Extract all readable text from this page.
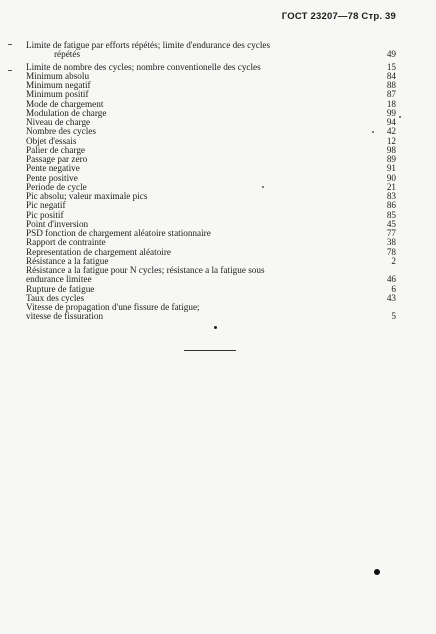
ГОСТ 23207—78 Стр. 39
Limite de fatigue par efforts répétés; limite d'endurance des cycles
répétés	49
Limite de nombre des cycles; nombre conventionelle des cycles	15
Minimum absolu	84
Minimum negatif	88
Minimum positif	87
Mode de chargement	18
Modulation de charge	99
Niveau de charge	94
Nombre des cycles	42
Objet d'essais	12
Palier de charge	98
Passage par zero	89
Pente negative	91
Pente positive	90
Periode de cycle	21
Pic absolu; valeur maximale pics	83
Pic negatif	86
Pic positif	85
Point d'inversion	45
PSD fonction de chargement aléatoire stationnaire	77
Rapport de contrainte	38
Representation de chargement aléatoire	78
Résistance a la fatigue	2
Résistance a la fatigue pour N cycles; résistance a la fatigue sous
endurance limitee	46
Rupture de fatigue	6
Taux des cycles	43
Vitesse de propagation d'une fissure de fatigue;
vitesse de fissuration	5
